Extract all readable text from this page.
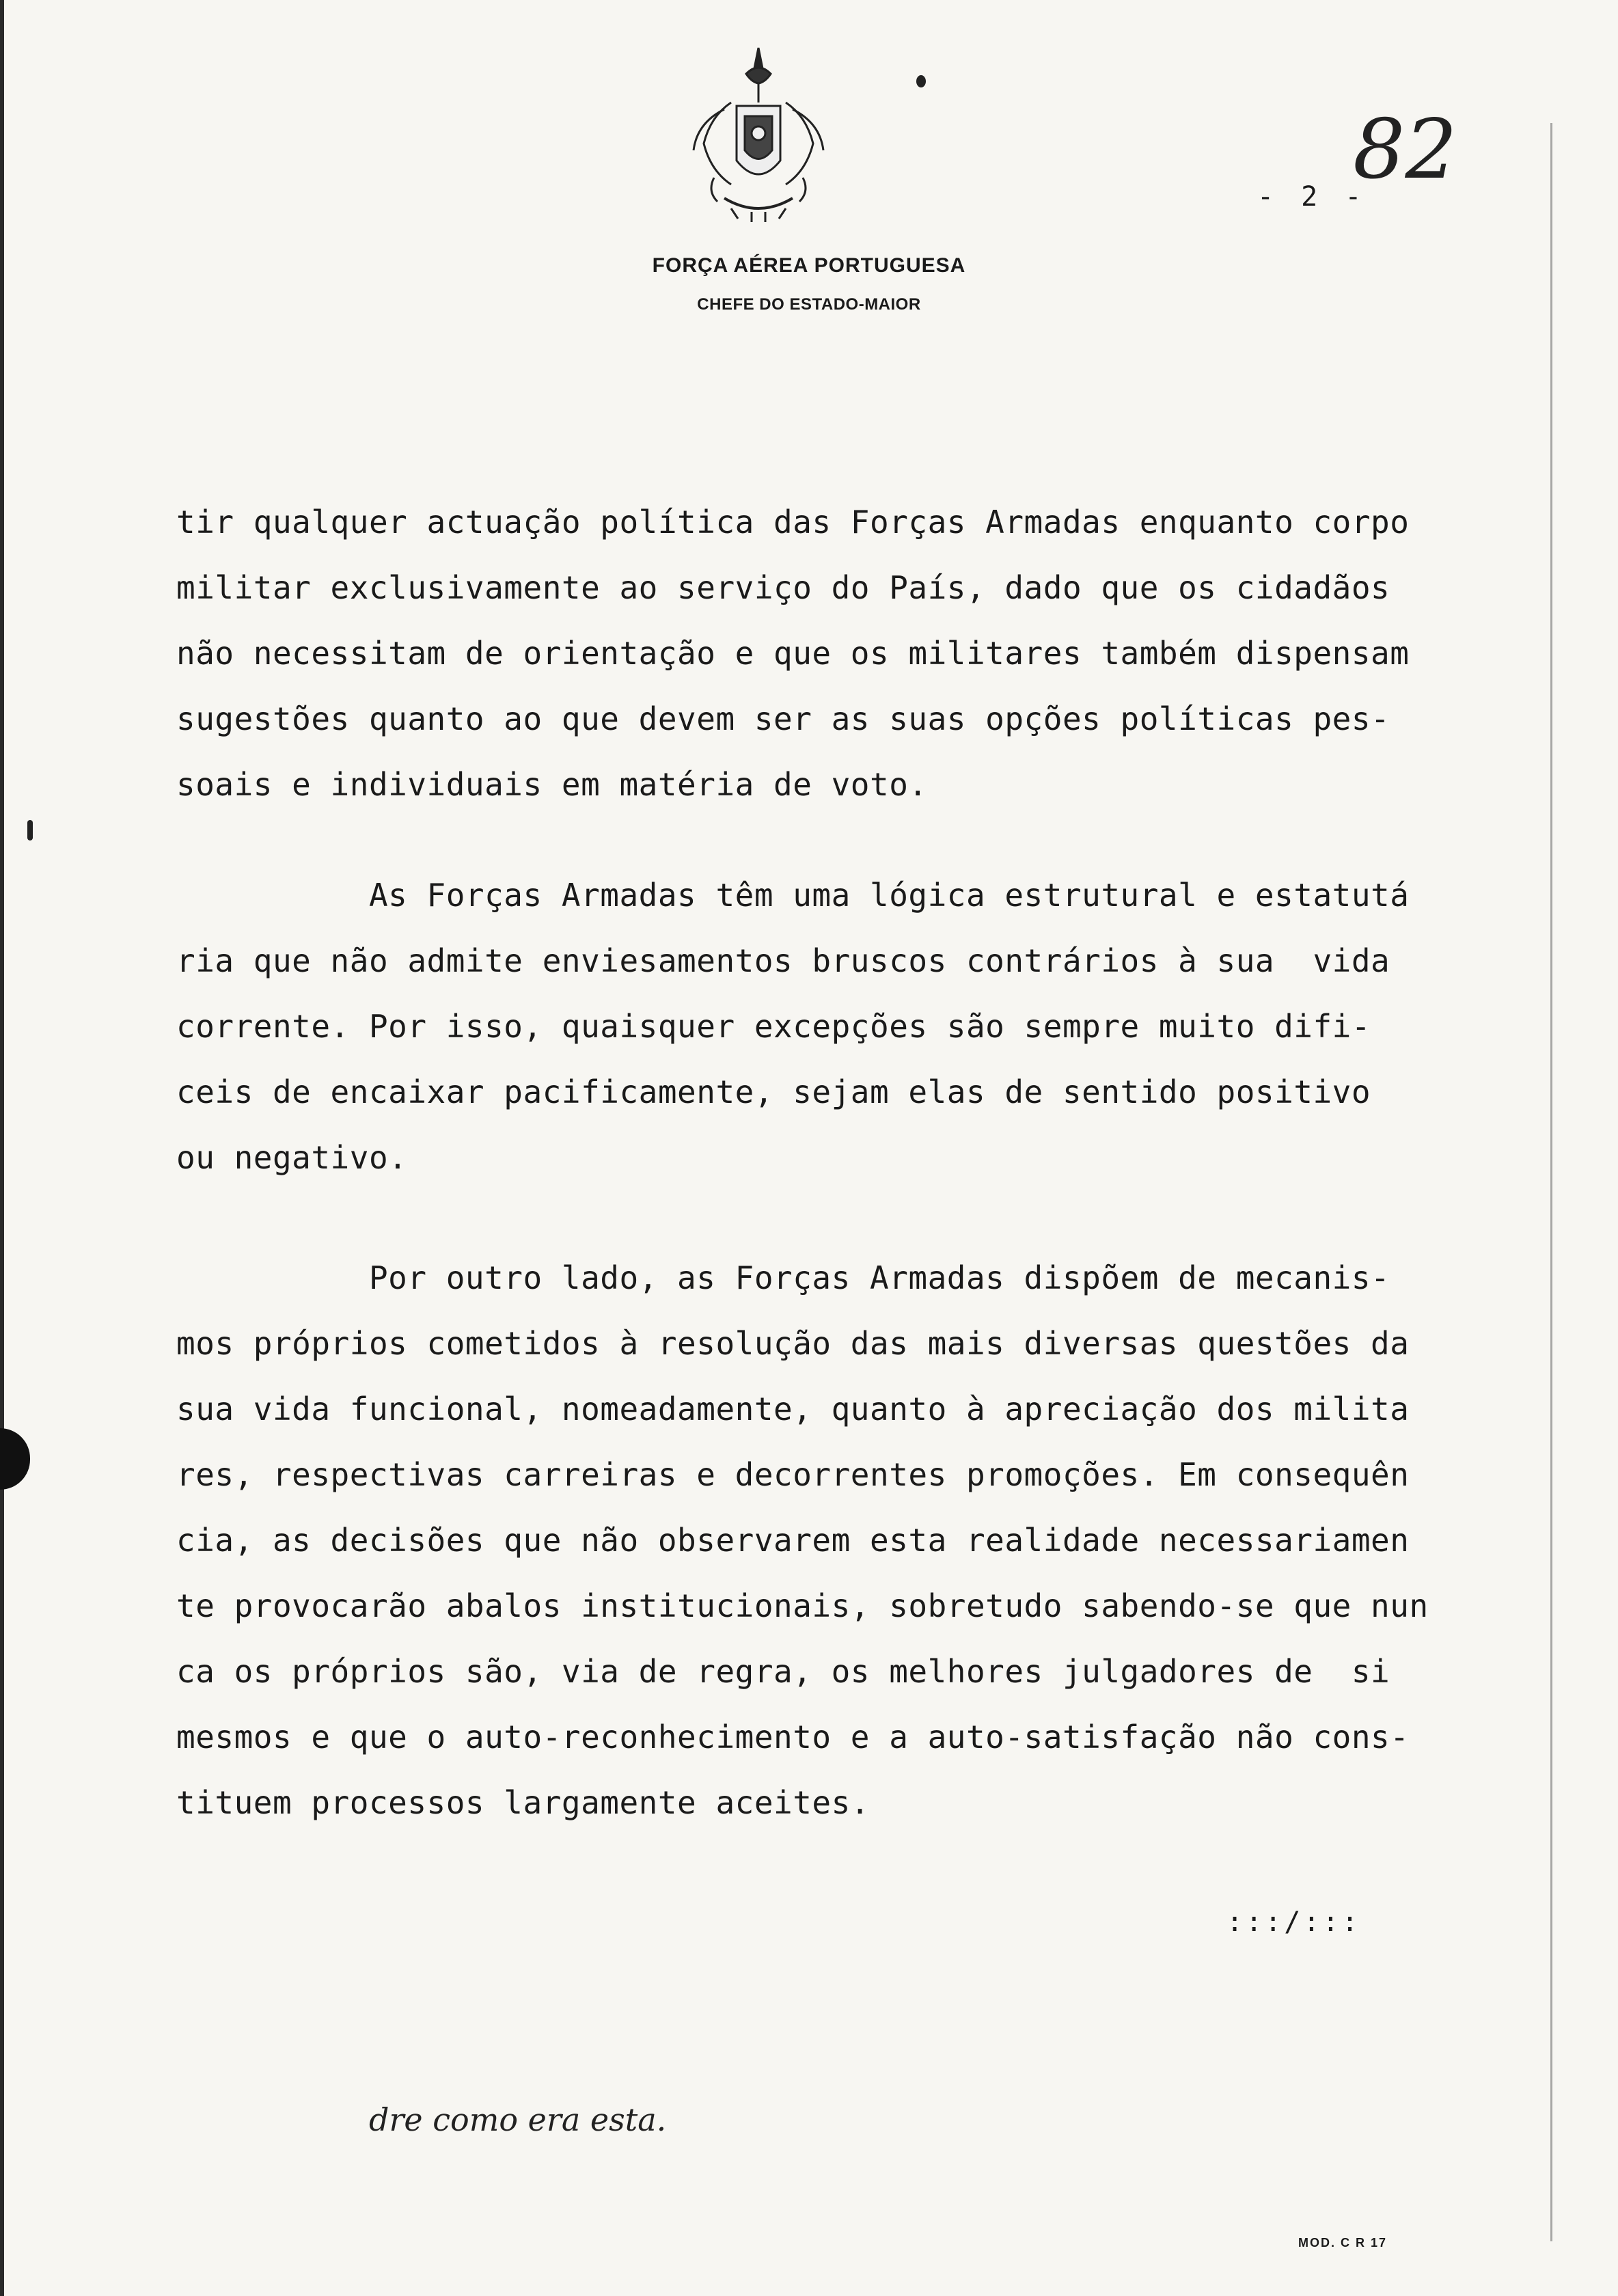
FORÇA AÉREA PORTUGUESA
CHEFE DO ESTADO-MAIOR
- 2 -
82
tir qualquer actuação política das Forças Armadas enquanto corpo
militar exclusivamente ao serviço do País, dado que os cidadãos
não necessitam de orientação e que os militares também dispensam
sugestões quanto ao que devem ser as suas opções políticas pes-
soais e individuais em matéria de voto.
As Forças Armadas têm uma lógica estrutural e estatutá
ria que não admite enviesamentos bruscos contrários à sua  vida
corrente. Por isso, quaisquer excepções são sempre muito difi-
ceis de encaixar pacificamente, sejam elas de sentido positivo
ou negativo.
Por outro lado, as Forças Armadas dispõem de mecanis-
mos próprios cometidos à resolução das mais diversas questões da
sua vida funcional, nomeadamente, quanto à apreciação dos milita
res, respectivas carreiras e decorrentes promoções. Em consequên
cia, as decisões que não observarem esta realidade necessariamen
te provocarão abalos institucionais, sobretudo sabendo-se que nun
ca os próprios são, via de regra, os melhores julgadores de  si
mesmos e que o auto-reconhecimento e a auto-satisfação não cons-
tituem processos largamente aceites.
:::/:::
dre como era esta.
MOD. C R 17
